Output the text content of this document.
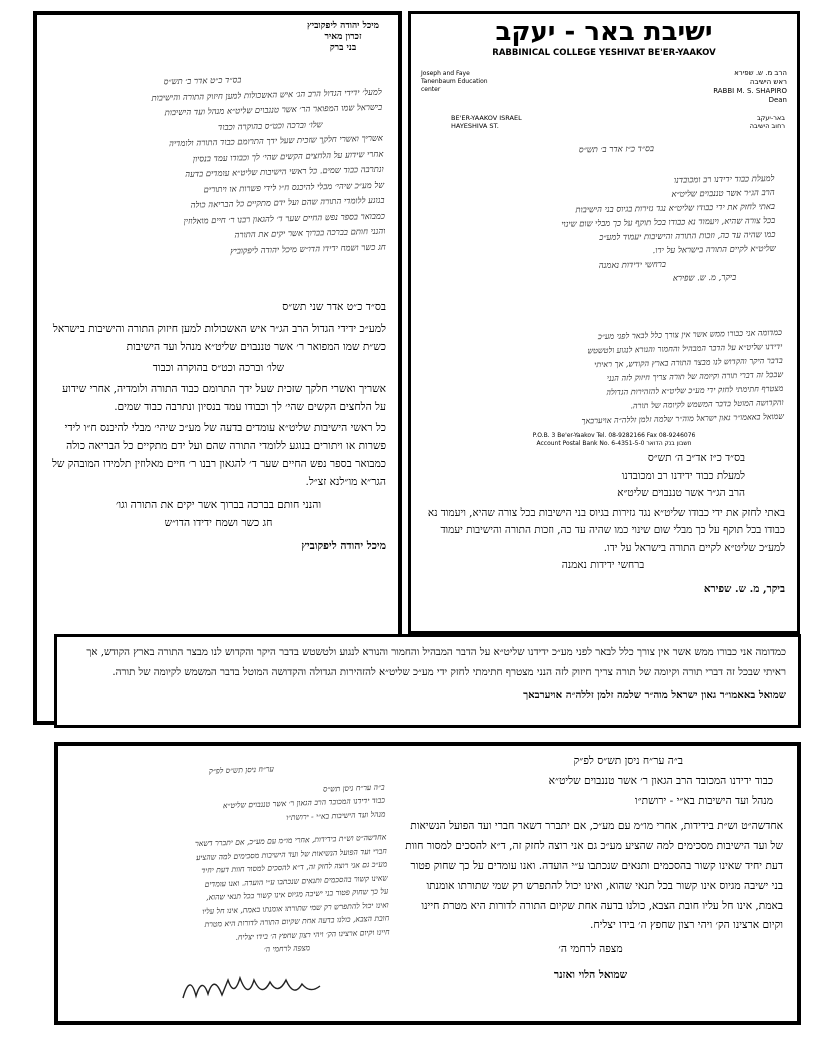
מיכל יהודה ליפקוביץ
זכרון מאיר
בני ברק

בס״ד כ״ט אדר ב׳ תש״ס

למעל׳ ידידי הגדול הרב הג׳ איש האשכולות למען חיזוק התורה והישיבות

בישראל שמו המפואר הר׳ אשר טננבוים שליט״א מנהל ועד הישיבות

שלו׳ וברכה וכט״ס בהוקרה וכבוד

אשריך ואשרי חלקך שזכית שעל ידך התרומם כבוד התורה ולומדיה

אחרי שידוע על הלחצים הקשים שהי׳ לך וכבודו עמד בנסיון

ונתרבה כבוד שמים. כל ראשי הישיבות שליט״א עומדים בדעה

של מע״כ שיהי׳ מבלי להיכנס ח״ו לידי פשרות או ויתורים

בנוגע ללומדי התורה שהם ועל ידם מתקיים כל הבריאה כולה

כמבואר בספר נפש החיים שער ד׳ להגאון רבנו ר׳ חיים מואלוזין

והנני חותם בברכה בברוך אשר יקים את התורה

חג כשר ושמח ידידו הדו״ש מיכל יהודה ליפקוביץ

בס״ד כ״ט אדר שני תש״ס

למע״כ ידידי הגדול הרב הג״ר איש האשכולות למען חיזוק התורה והישיבות בישראל כש״ת שמו המפואר ר׳ אשר טננבוים שליט״א מנהל ועד הישיבות

שלו׳ וברכה וכט״ס בהוקרה וכבוד

אשריך ואשרי חלקך שזכית שעל ידך התרומם כבוד התורה ולומדיה, אחרי שידוע על הלחצים הקשים שהי׳ לך וכבודו עמד בנסיון ונתרבה כבוד שמים.

כל ראשי הישיבות שליט״א עומדים בדעה של מע״כ שיהי׳ מבלי להיכנס ח״ו לידי פשרות או ויתורים בנוגע ללומדי התורה שהם ועל ידם מתקיים כל הבריאה כולה כמבואר בספר נפש החיים שער ד׳ להגאון רבנו ר׳ חיים מאלוזין תלמידו המובהק של הגר״א מו״לנא זצ״ל.

והנני חותם בברכה בברוך אשר יקים את התורה וגו׳

חג כשר ושמח ידידו הדו״ש

מיכל יהודה ליפקוביץ

ישיבת באר - יעקב
RABBINICAL COLLEGE YESHIVAT BE'ER-YAAKOV
Joseph and Faye Tanenbaum Education center
הרב מ. ש. שפירא
ראש הישיבה
RABBI M. S. SHAPIRO
Dean
BE'ER-YAAKOV ISRAEL
HAYESHIVA ST.
באר-יעקב
רחוב הישיבה

בס״ד כ״ז אדר ב׳ תש״ס

למעלת כבוד ידידנו רב ומכובדנו

הרב הג״ר אשר טננבוים שליט״א

באתי לחזק את ידי כבודו שליט״א נגד גזירות בגיוס בני הישיבות

בכל צורה שהיא, ויעמוד נא כבודו בכל תוקף על כך מבלי שום שינוי

כמו שהיה עד כה, וזכות התורה והישיבות יעמוד למע״כ

שליט״א לקיים התורה בישראל על ידו.

ברחשי ידידות נאמנה

ביקר, מ. ש. שפירא

כמדומה אני כבורו ממש אשר אין צורך כלל לבאר לפני מע״כ

ידידנו שליט״א על הדבר המבהיל והחמור והנורא לנגוע ולטשטש

בדבר היקר והקדוש לנו מבצר התורה בארץ הקודש, אך ראיתי

שבכל זה דברי תורה וקיומה של תורה צריך חיזוק לזה הנני

מצטרף חתימתי לחזק ידי מע״כ שליט״א להזהירות הגדולה

והקדושה המוטל בדבר המשמש לקיומה של תורה.

שמואל באאמו״ר גאון ישראל מוה״ר שלמה זלמן זללה״ה אויערבאך

P.O.B. 3 Be'er-Yaakov Tel. 08-9282166 Fax 08-9246076
Account Postal Bank No. 6-4351-5-0 חשבון בנק הדואר

בס״ד כ״ז אד״ב ה׳ תש״ס

למעלת כבוד ידידנו רב ומכובדנו

הרב הג״ר אשר טננבוים שליט״א

באתי לחזק את ידי כבודו שליט״א נגד גזירות בגיוס בני הישיבות בכל צורה שהיא, ויעמוד נא כבודו בכל תוקף על כך מבלי שום שינוי כמו שהיה עד כה, וזכות התורה והישיבות יעמוד למע״כ שליט״א לקיים התורה בישראל על ידו.

ברחשי ידידות נאמנה

ביקר, מ. ש. שפירא

כמדומה אני כבורו ממש אשר אין צורך כלל לבאר לפני מע״כ ידידנו שליט״א על הדבר המבהיל והחמור והנורא לנגוע ולטשטש בדבר היקר והקדוש לנו מבצר התורה בארץ הקודש, אך ראיתי שבכל זה דברי תורה וקיומה של תורה צריך חיזוק לזה הנני מצטרף חתימתי לחזק ידי מע״כ שליט״א להזהירות הגדולה והקדושה המוטל בדבר המשמש לקיומה של תורה.

שמואל באאמו״ר גאון ישראל מוה״ר שלמה זלמן זללה״ה אויערבאך

ער״ח ניסן תש״ס לפ״ק

ב״ה ער״ח ניסן תש״ס

כבוד ידידנו המכובד הרב הגאון ר׳ אשר טננבוים שליט״א

מנהל ועד הישיבות בא״י - ירושת״ו

אחדשה״ט וש״ת בידידות, אחרי מו״מ עם מע״כ, אם יתברר דשאר

חברי ועד הפועל הנשיאות של ועד הישיבות מסכימים למה שהציע

מע״כ גם אני רוצה לחזק זה, ד״א להסכים למסור חוות דעת יחיד

שאינו קשור בהסכמים ותנאים שנכתבו ע״י הועדה. ואנו עומדים

על כך שחוק פטור בני ישיבה מגיוס אינו קשור בכל תנאי שהוא,

ואינו יכול להתפרש רק שמי שתורתו אומנתו באמת, אינו חל עליו

חובת הצבא, כולנו בדעה אחת שקיום התורה לדורות היא מטרת

חיינו וקיום ארצינו הק׳ ויהי רצון שחפץ ה׳ בידו יצליח.

מצפה לרחמי ה׳

ב״ה ער״ח ניסן תש״ס לפ״ק

כבוד ידידנו המכובד הרב הגאון ר׳ אשר טננבוים שליט״א

מנהל ועד הישיבות בא״י - ירושת״ו

אחדשה״ט וש״ת בידידות, אחרי מו״מ עם מע״כ, אם יתברר דשאר חברי ועד הפועל הנשיאות של ועד הישיבות מסכימים למה שהציע מע״כ גם אני רוצה לחזק זה, ד״א להסכים למסור חוות דעת יחיד שאינו קשור בהסכמים ותנאים שנכתבו ע״י הועדה. ואנו עומדים על כך שחוק פטור בני ישיבה מגיוס אינו קשור בכל תנאי שהוא, ואינו יכול להתפרש רק שמי שתורתו אומנתו באמת, אינו חל עליו חובת הצבא, כולנו בדעה אחת שקיום התורה לדורות היא מטרת חיינו וקיום ארצינו הק׳ ויהי רצון שחפץ ה׳ בידו יצליח.

מצפה לרחמי ה׳

שמואל הלוי ואזנר
